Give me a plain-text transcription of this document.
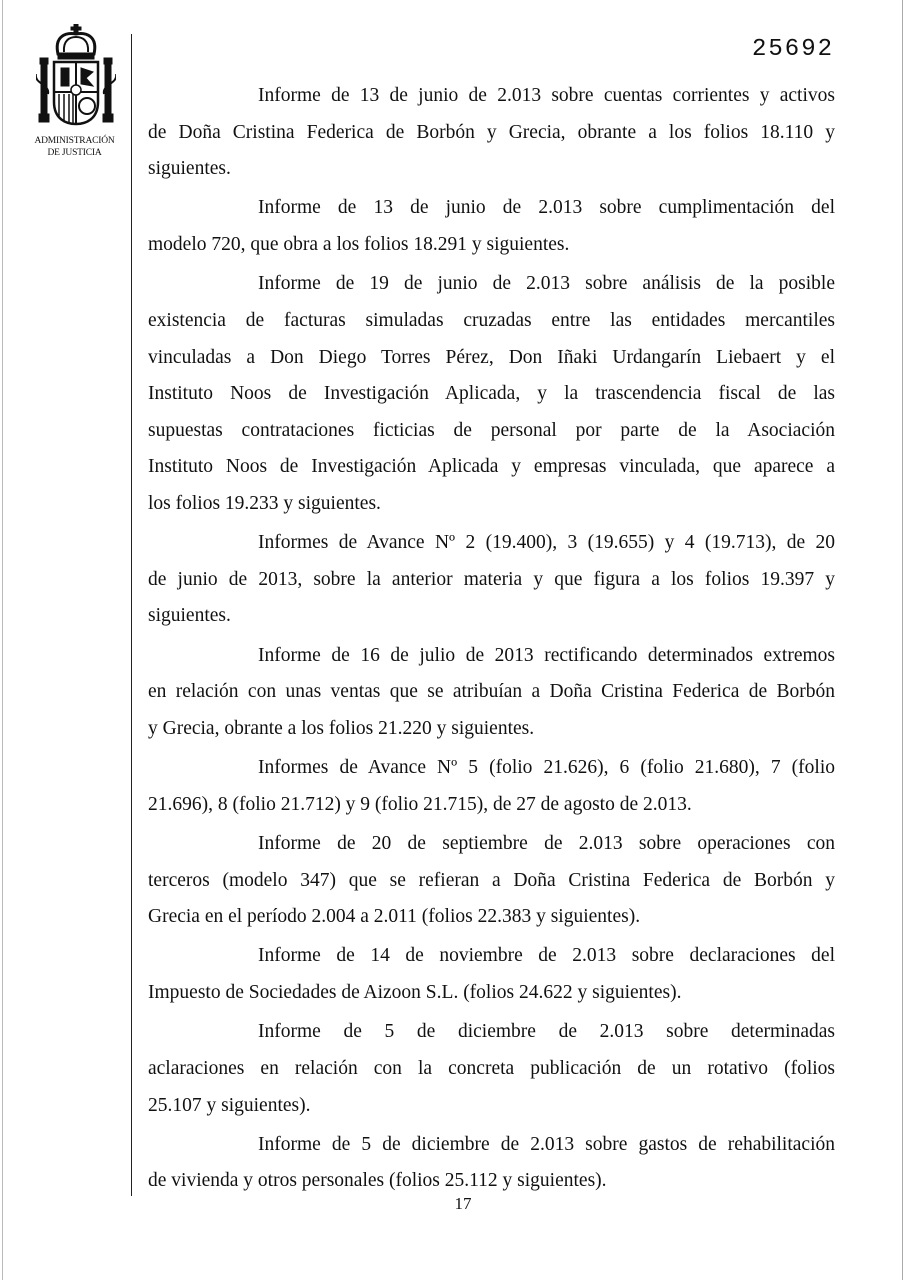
ADMINISTRACIÓN
DE JUSTICIA
25692
Informe de 13 de junio de 2.013 sobre cuentas corrientes y activos
de Doña Cristina Federica de Borbón y Grecia, obrante a los folios 18.110 y
siguientes.
Informe de 13 de junio de 2.013 sobre cumplimentación del
modelo 720, que obra a los folios 18.291 y siguientes.
Informe de 19 de junio de 2.013 sobre análisis de la posible
existencia de facturas simuladas cruzadas entre las entidades mercantiles
vinculadas a Don Diego Torres Pérez, Don Iñaki Urdangarín Liebaert y el
Instituto Noos de Investigación Aplicada, y la trascendencia fiscal de las
supuestas contrataciones ficticias de personal por parte de la Asociación
Instituto Noos de Investigación Aplicada y empresas vinculada, que aparece a
los folios 19.233 y siguientes.
Informes de Avance Nº 2 (19.400), 3 (19.655) y 4 (19.713), de 20
de junio de 2013, sobre la anterior materia y que figura a los folios 19.397 y
siguientes.
Informe de 16 de julio de 2013 rectificando determinados extremos
en relación con unas ventas que se atribuían a Doña Cristina Federica de Borbón
y Grecia, obrante a los folios 21.220 y siguientes.
Informes de Avance Nº 5 (folio 21.626), 6 (folio 21.680), 7 (folio
21.696), 8 (folio 21.712) y 9 (folio 21.715), de 27 de agosto de 2.013.
Informe de 20 de septiembre de 2.013 sobre operaciones con
terceros (modelo 347) que se refieran a Doña Cristina Federica de Borbón y
Grecia en el período 2.004 a 2.011 (folios 22.383 y siguientes).
Informe de 14 de noviembre de 2.013 sobre declaraciones del
Impuesto de Sociedades de Aizoon S.L. (folios 24.622 y siguientes).
Informe de 5 de diciembre de 2.013 sobre determinadas
aclaraciones en relación con la concreta publicación de un rotativo (folios
25.107 y siguientes).
Informe de 5 de diciembre de 2.013 sobre gastos de rehabilitación
de vivienda y otros personales (folios 25.112 y siguientes).
17
